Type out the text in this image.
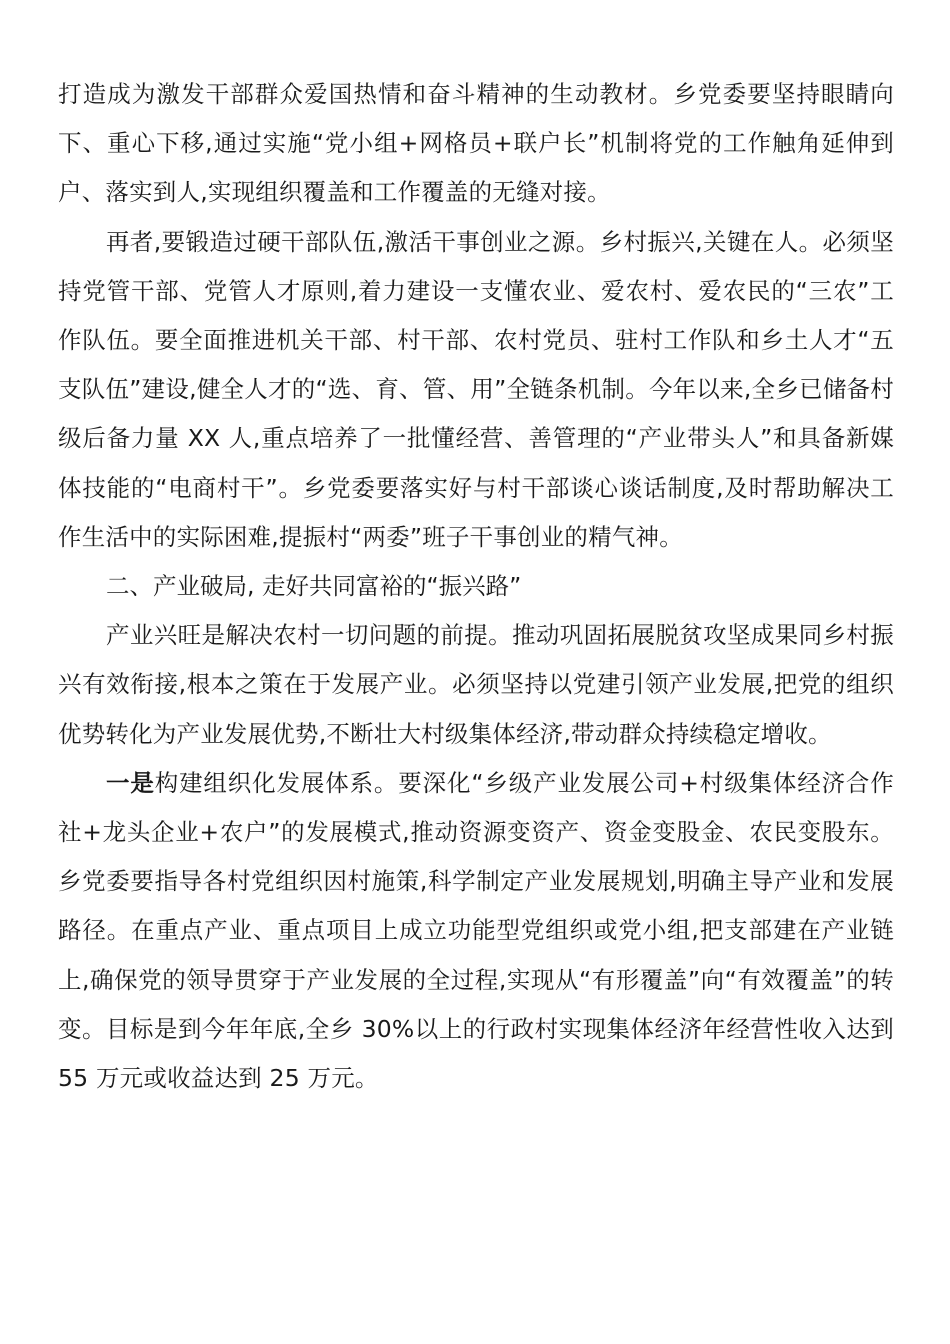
打造成为激发干部群众爱国热情和奋斗精神的生动教材。乡党委要坚持眼睛向下、重心下移,通过实施“党小组+网格员+联户长”机制将党的工作触角延伸到户、落实到人,实现组织覆盖和工作覆盖的无缝对接。

再者,要锻造过硬干部队伍,激活干事创业之源。乡村振兴,关键在人。必须坚持党管干部、党管人才原则,着力建设一支懂农业、爱农村、爱农民的“三农”工作队伍。要全面推进机关干部、村干部、农村党员、驻村工作队和乡土人才“五支队伍”建设,健全人才的“选、育、管、用”全链条机制。今年以来,全乡已储备村级后备力量 XX 人,重点培养了一批懂经营、善管理的“产业带头人”和具备新媒体技能的“电商村干”。乡党委要落实好与村干部谈心谈话制度,及时帮助解决工作生活中的实际困难,提振村“两委”班子干事创业的精气神。

二、产业破局, 走好共同富裕的“振兴路”

产业兴旺是解决农村一切问题的前提。推动巩固拓展脱贫攻坚成果同乡村振兴有效衔接,根本之策在于发展产业。必须坚持以党建引领产业发展,把党的组织优势转化为产业发展优势,不断壮大村级集体经济,带动群众持续稳定增收。

一是构建组织化发展体系。要深化“乡级产业发展公司+村级集体经济合作社+龙头企业+农户”的发展模式,推动资源变资产、资金变股金、农民变股东。乡党委要指导各村党组织因村施策,科学制定产业发展规划,明确主导产业和发展路径。在重点产业、重点项目上成立功能型党组织或党小组,把支部建在产业链上,确保党的领导贯穿于产业发展的全过程,实现从“有形覆盖”向“有效覆盖”的转变。目标是到今年年底,全乡 30%以上的行政村实现集体经济年经营性收入达到 55 万元或收益达到 25 万元。
